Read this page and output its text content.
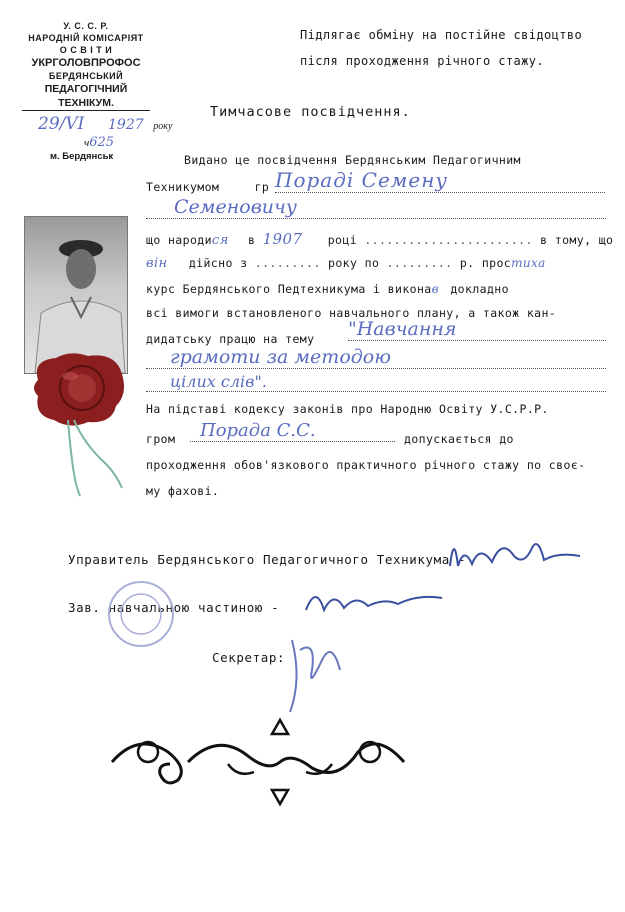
У. С. С. Р.
НАРОДНІЙ КОМІСАРІЯТ
О С В І Т И
УКРГОЛОВПРОФОС
БЕРДЯНСЬКИЙ
ПЕДАГОГІЧНИЙ ТЕХНІКУМ.
29/VI 1927 року
ч625
м. Бердянськ
Підлягає обміну на постійне свідоцтво
після проходження річного стажу.
Тимчасове посвідчення.
Видано це посвідчення Бердянським Педагогичним
Техникумом	гр Пораді Семену
Семеновичу
що народися в 1907 році ....................... в тому, що
він дійсно з ......... року по ......... р. простиха
курс Бердянського Педтехникума і виконав докладно
всі вимоги встановленого навчального плану, а також кан-
дидатську працю на тему "Навчання
грамоти за методою
цілих слів".
На підставі кодексу законів про Народню Освіту У.С.Р.Р.
гром	Порада С.С.	допускається до
проходження обов'язкового практичного річного стажу по своє-
му фахові.
Управитель Бердянського Педагогичного Техникума -
Зав. навчальною частиною -
Секретар:
